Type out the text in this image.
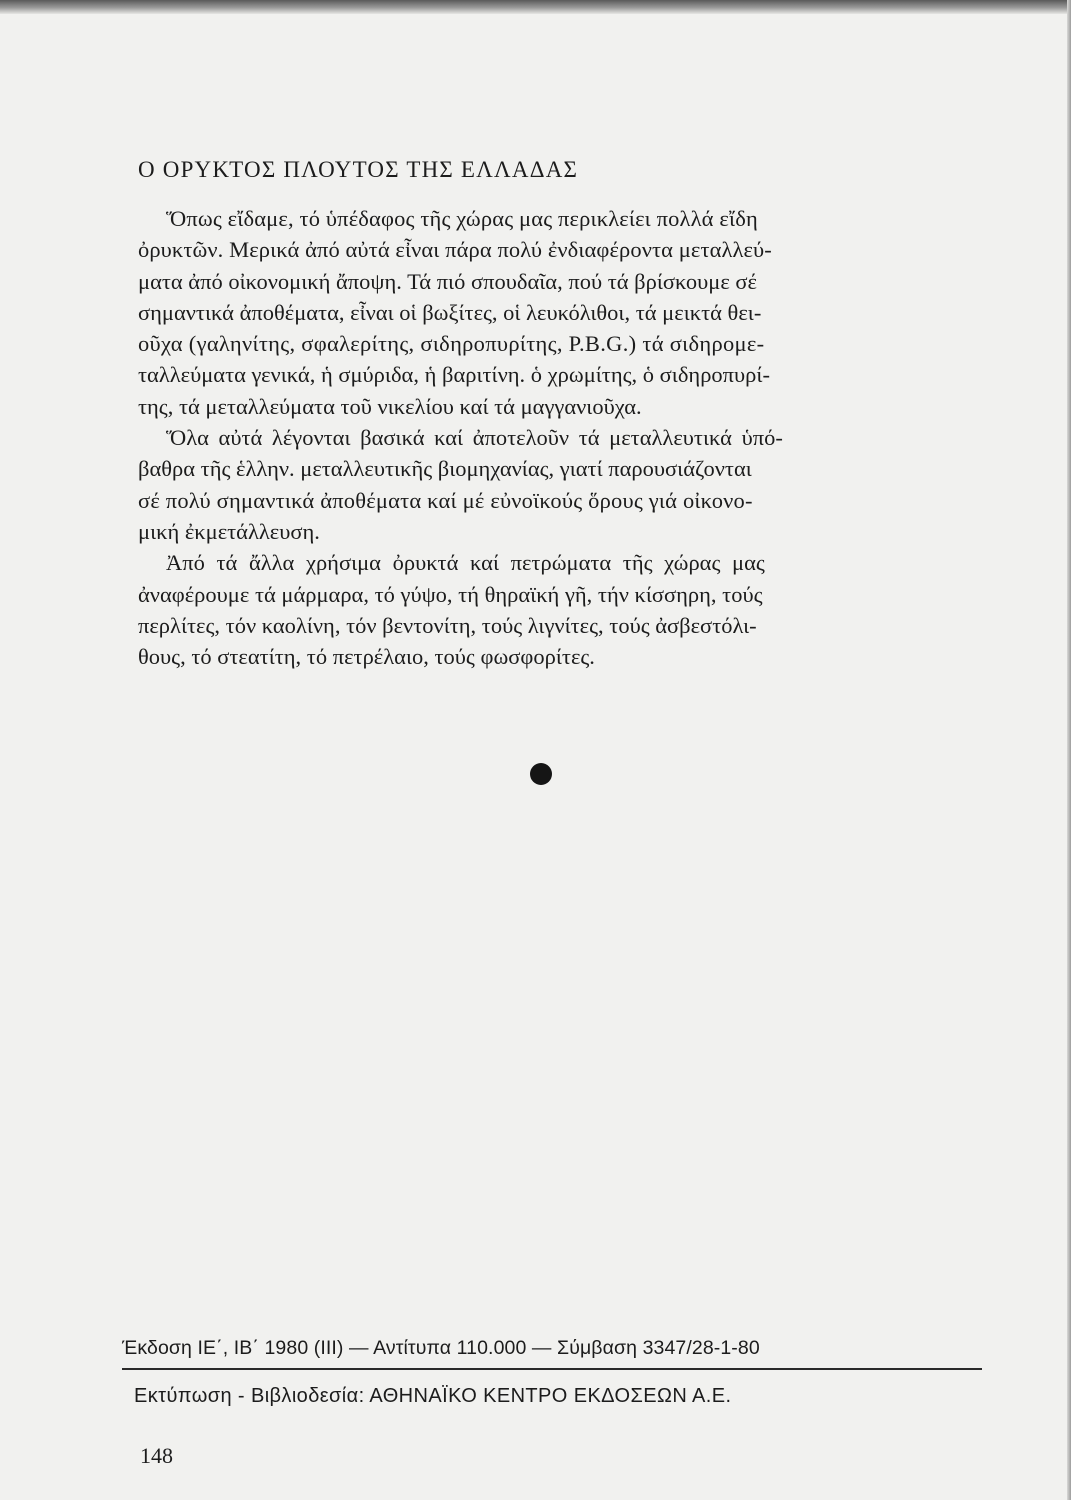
Ο ΟΡΥΚΤΟΣ ΠΛΟΥΤΟΣ ΤΗΣ ΕΛΛΑΔΑΣ
Ὅπως εἴδαμε, τό ὑπέδαφος τῆς χώρας μας περικλείει πολλά εἴδη
ὀρυκτῶν. Μερικά ἀπό αὐτά εἶναι πάρα πολύ ἐνδιαφέροντα μεταλλεύ-
ματα ἀπό οἰκονομική ἄποψη. Τά πιό σπουδαῖα, πού τά βρίσκουμε σέ
σημαντικά ἀποθέματα, εἶναι οἱ βωξίτες, οἱ λευκόλιθοι, τά μεικτά θει-
οῦχα (γαληνίτης, σφαλερίτης, σιδηροπυρίτης, P.B.G.) τά σιδηρομε-
ταλλεύματα γενικά, ἡ σμύριδα, ἡ βαριτίνη. ὁ χρωμίτης, ὁ σιδηροπυρί-
της, τά μεταλλεύματα τοῦ νικελίου καί τά μαγγανιοῦχα.
Ὅλα αὐτά λέγονται βασικά καί ἀποτελοῦν τά μεταλλευτικά ὑπό-
βαθρα τῆς ἑλλην. μεταλλευτικῆς βιομηχανίας, γιατί παρουσιάζονται
σέ πολύ σημαντικά ἀποθέματα καί μέ εὐνοϊκούς ὅρους γιά οἰκονο-
μική ἐκμετάλλευση.
Ἀπό τά ἄλλα χρήσιμα ὀρυκτά καί πετρώματα τῆς χώρας μας
ἀναφέρουμε τά μάρμαρα, τό γύψο, τή θηραϊκή γῆ, τήν κίσσηρη, τούς
περλίτες, τόν καολίνη, τόν βεντονίτη, τούς λιγνίτες, τούς ἀσβεστόλι-
θους, τό στεατίτη, τό πετρέλαιο, τούς φωσφορίτες.
Έκδοση ΙΕ΄, ΙΒ΄ 1980 (ΙΙΙ) — Αντίτυπα 110.000 — Σύμβαση 3347/28-1-80
Εκτύπωση - Βιβλιοδεσία: ΑΘΗΝΑΪΚΟ ΚΕΝΤΡΟ ΕΚΔΟΣΕΩΝ Α.Ε.
148
